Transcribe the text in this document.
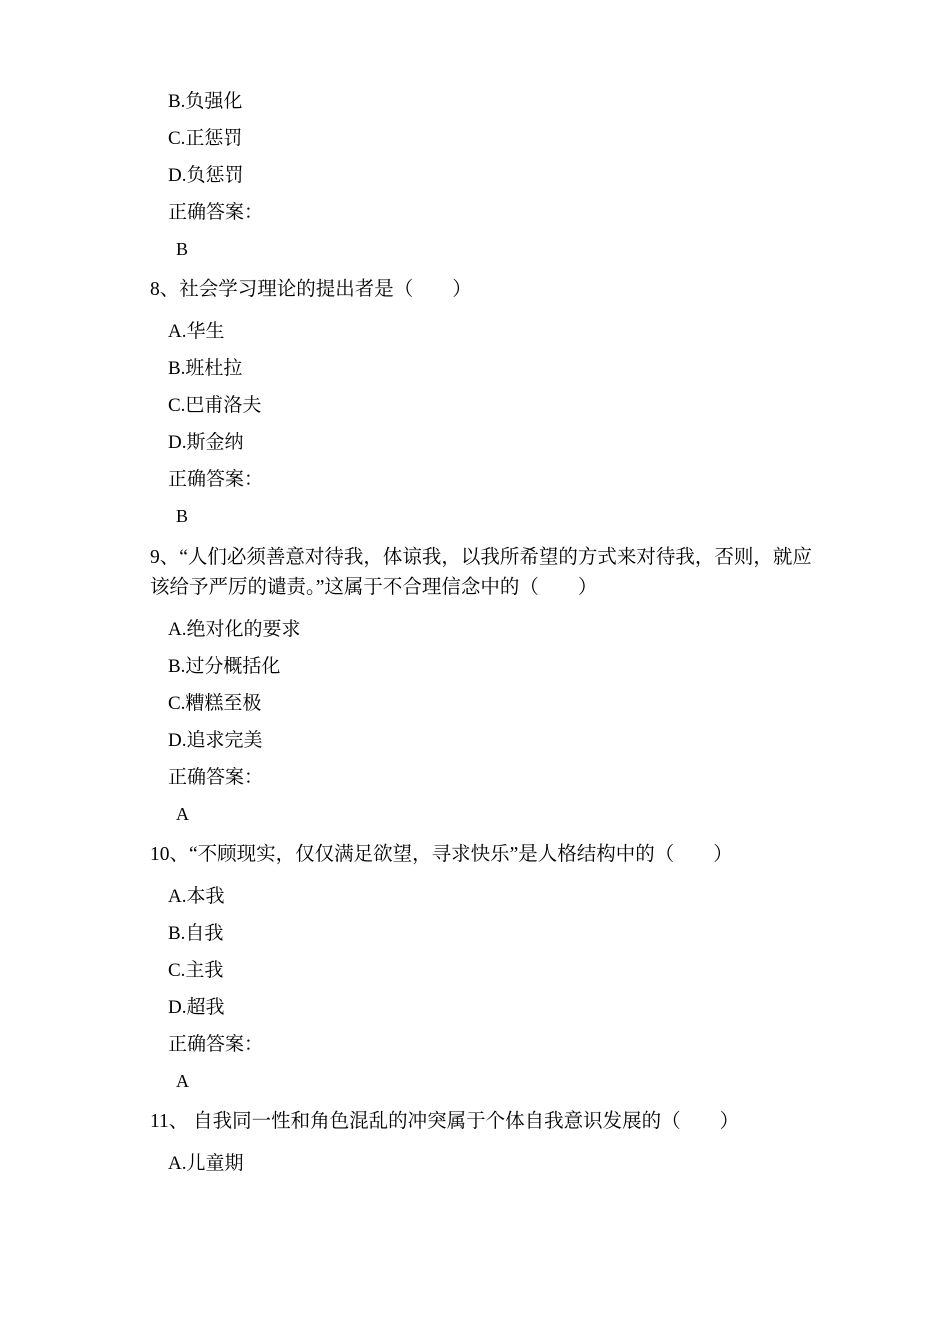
B.负强化
C.正惩罚
D.负惩罚
正确答案：
B
8、社会学习理论的提出者是（        ）
A.华生
B.班杜拉
C.巴甫洛夫
D.斯金纳
正确答案：
B
9、“人们必须善意对待我，体谅我，以我所希望的方式来对待我，否则，就应该给予严厉的谴责。”这属于不合理信念中的（        ）
A.绝对化的要求
B.过分概括化
C.糟糕至极
D.追求完美
正确答案：
A
10、“不顾现实，仅仅满足欲望，寻求快乐”是人格结构中的（        ）
A.本我
B.自我
C.主我
D.超我
正确答案：
A
11、 自我同一性和角色混乱的冲突属于个体自我意识发展的（        ）
A.儿童期
